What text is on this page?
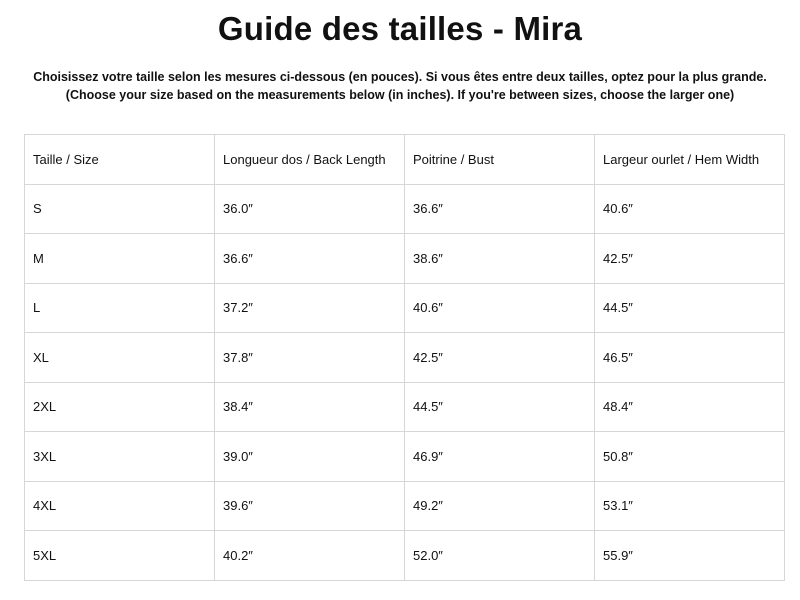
Guide des tailles - Mira
Choisissez votre taille selon les mesures ci-dessous (en pouces). Si vous êtes entre deux tailles, optez pour la plus grande.
(Choose your size based on the measurements below (in inches). If you're between sizes, choose the larger one)
Taille / Size	Longueur dos / Back Length	Poitrine / Bust	Largeur ourlet / Hem Width
S	36.0″	36.6″	40.6″
M	36.6″	38.6″	42.5″
L	37.2″	40.6″	44.5″
XL	37.8″	42.5″	46.5″
2XL	38.4″	44.5″	48.4″
3XL	39.0″	46.9″	50.8″
4XL	39.6″	49.2″	53.1″
5XL	40.2″	52.0″	55.9″
